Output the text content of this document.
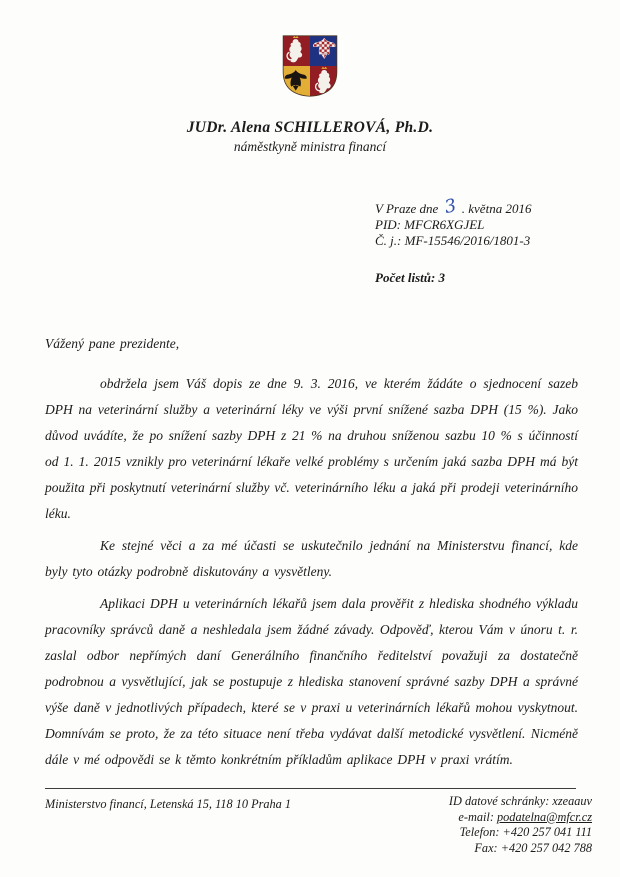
JUDr. Alena SCHILLEROVÁ, Ph.D.
náměstkyně ministra financí
V Praze dne 3 . května 2016
PID: MFCR6XGJEL
Č. j.: MF-15546/2016/1801-3
Počet listů: 3

Vážený pane prezidente,

obdržela jsem Váš dopis ze dne 9. 3. 2016, ve kterém žádáte o sjednocení sazeb DPH na veterinární služby a veterinární léky ve výši první snížené sazba DPH (15 %). Jako důvod uvádíte, že po snížení sazby DPH z 21 % na druhou sníženou sazbu 10 % s účinností od 1. 1. 2015 vznikly pro veterinární lékaře velké problémy s určením jaká sazba DPH má být použita při poskytnutí veterinární služby vč. veterinárního léku a jaká při prodeji veterinárního léku.

Ke stejné věci a za mé účasti se uskutečnilo jednání na Ministerstvu financí, kde byly tyto otázky podrobně diskutovány a vysvětleny.

Aplikaci DPH u veterinárních lékařů jsem dala prověřit z hlediska shodného výkladu pracovníky správců daně a neshledala jsem žádné závady. Odpověď, kterou Vám v únoru t. r. zaslal odbor nepřímých daní Generálního finančního ředitelství považuji za dostatečně podrobnou a vysvětlující, jak se postupuje z hlediska stanovení správné sazby DPH a správné výše daně v jednotlivých případech, které se v praxi u veterinárních lékařů mohou vyskytnout. Domnívám se proto, že za této situace není třeba vydávat další metodické vysvětlení. Nicméně dále v mé odpovědi se k těmto konkrétním příkladům aplikace DPH v praxi vrátím.

Ministerstvo financí, Letenská 15, 118 10 Praha 1	ID datové schránky: xzeaauv
e-mail: podatelna@mfcr.cz
Telefon: +420 257 041 111
Fax: +420 257 042 788
